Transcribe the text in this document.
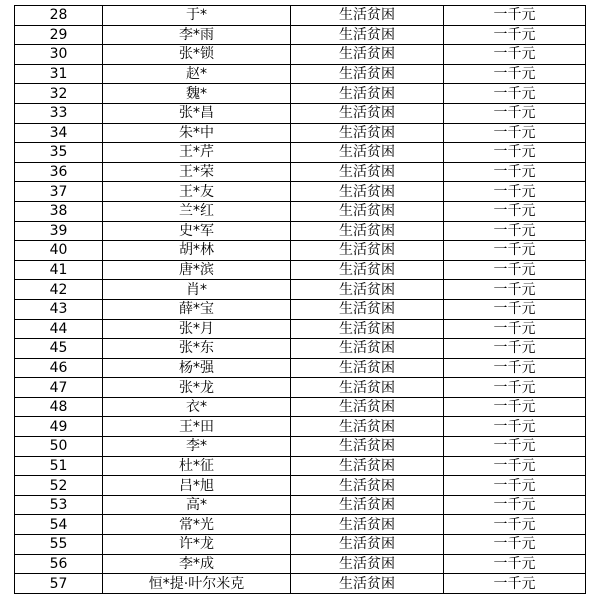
28	于*	生活贫困	一千元
29	李*雨	生活贫困	一千元
30	张*锁	生活贫困	一千元
31	赵*	生活贫困	一千元
32	魏*	生活贫困	一千元
33	张*昌	生活贫困	一千元
34	朱*中	生活贫困	一千元
35	王*芹	生活贫困	一千元
36	王*荣	生活贫困	一千元
37	王*友	生活贫困	一千元
38	兰*红	生活贫困	一千元
39	史*军	生活贫困	一千元
40	胡*林	生活贫困	一千元
41	唐*滨	生活贫困	一千元
42	肖*	生活贫困	一千元
43	薛*宝	生活贫困	一千元
44	张*月	生活贫困	一千元
45	张*东	生活贫困	一千元
46	杨*强	生活贫困	一千元
47	张*龙	生活贫困	一千元
48	衣*	生活贫困	一千元
49	王*田	生活贫困	一千元
50	李*	生活贫困	一千元
51	杜*征	生活贫困	一千元
52	吕*旭	生活贫困	一千元
53	高*	生活贫困	一千元
54	常*光	生活贫困	一千元
55	许*龙	生活贫困	一千元
56	李*成	生活贫困	一千元
57	恒*提·叶尔米克	生活贫困	一千元
